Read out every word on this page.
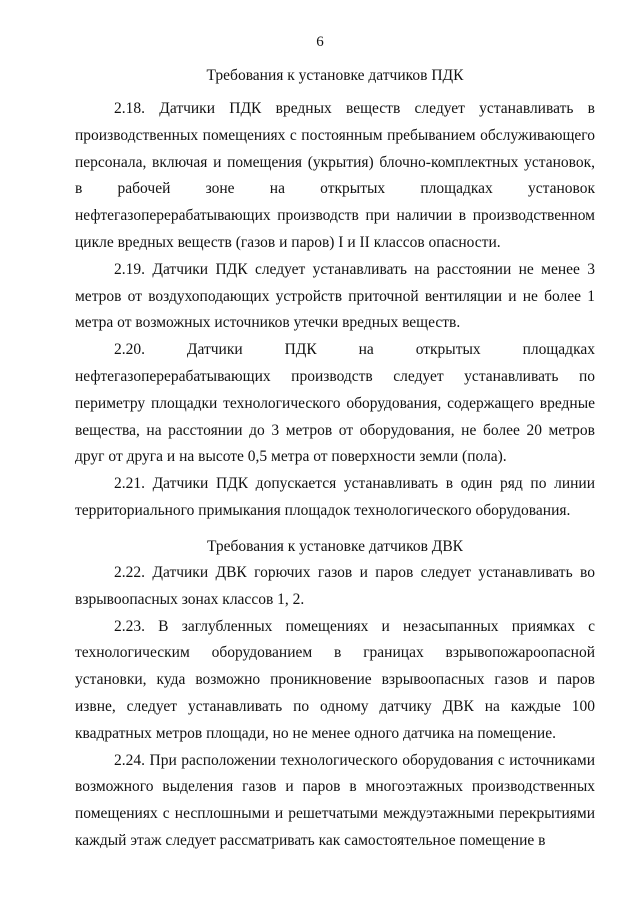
6

Требования к установке датчиков ПДК

2.18. Датчики ПДК вредных веществ следует устанавливать в производственных помещениях с постоянным пребыванием обслуживающего персонала, включая и помещения (укрытия) блочно-комплектных установок, в рабочей зоне на открытых площадках установок нефтегазоперерабатывающих производств при наличии в производственном цикле вредных веществ (газов и паров) I и II классов опасности.

2.19. Датчики ПДК следует устанавливать на расстоянии не менее 3 метров от воздухоподающих устройств приточной вентиляции и не более 1 метра от возможных источников утечки вредных веществ.

2.20. Датчики ПДК на открытых площадках нефтегазоперерабатывающих производств следует устанавливать по периметру площадки технологического оборудования, содержащего вредные вещества, на расстоянии до 3 метров от оборудования, не более 20 метров друг от друга и на высоте 0,5 метра от поверхности земли (пола).

2.21. Датчики ПДК допускается устанавливать в один ряд по линии территориального примыкания площадок технологического оборудования.

Требования к установке датчиков ДВК

2.22. Датчики ДВК горючих газов и паров следует устанавливать во взрывоопасных зонах классов 1, 2.

2.23. В заглубленных помещениях и незасыпанных приямках с технологическим оборудованием в границах взрывопожароопасной установки, куда возможно проникновение взрывоопасных газов и паров извне, следует устанавливать по одному датчику ДВК на каждые 100 квадратных метров площади, но не менее одного датчика на помещение.

2.24. При расположении технологического оборудования с источниками возможного выделения газов и паров в многоэтажных производственных помещениях с несплошными и решетчатыми междуэтажными перекрытиями каждый этаж следует рассматривать как самостоятельное помещение в
